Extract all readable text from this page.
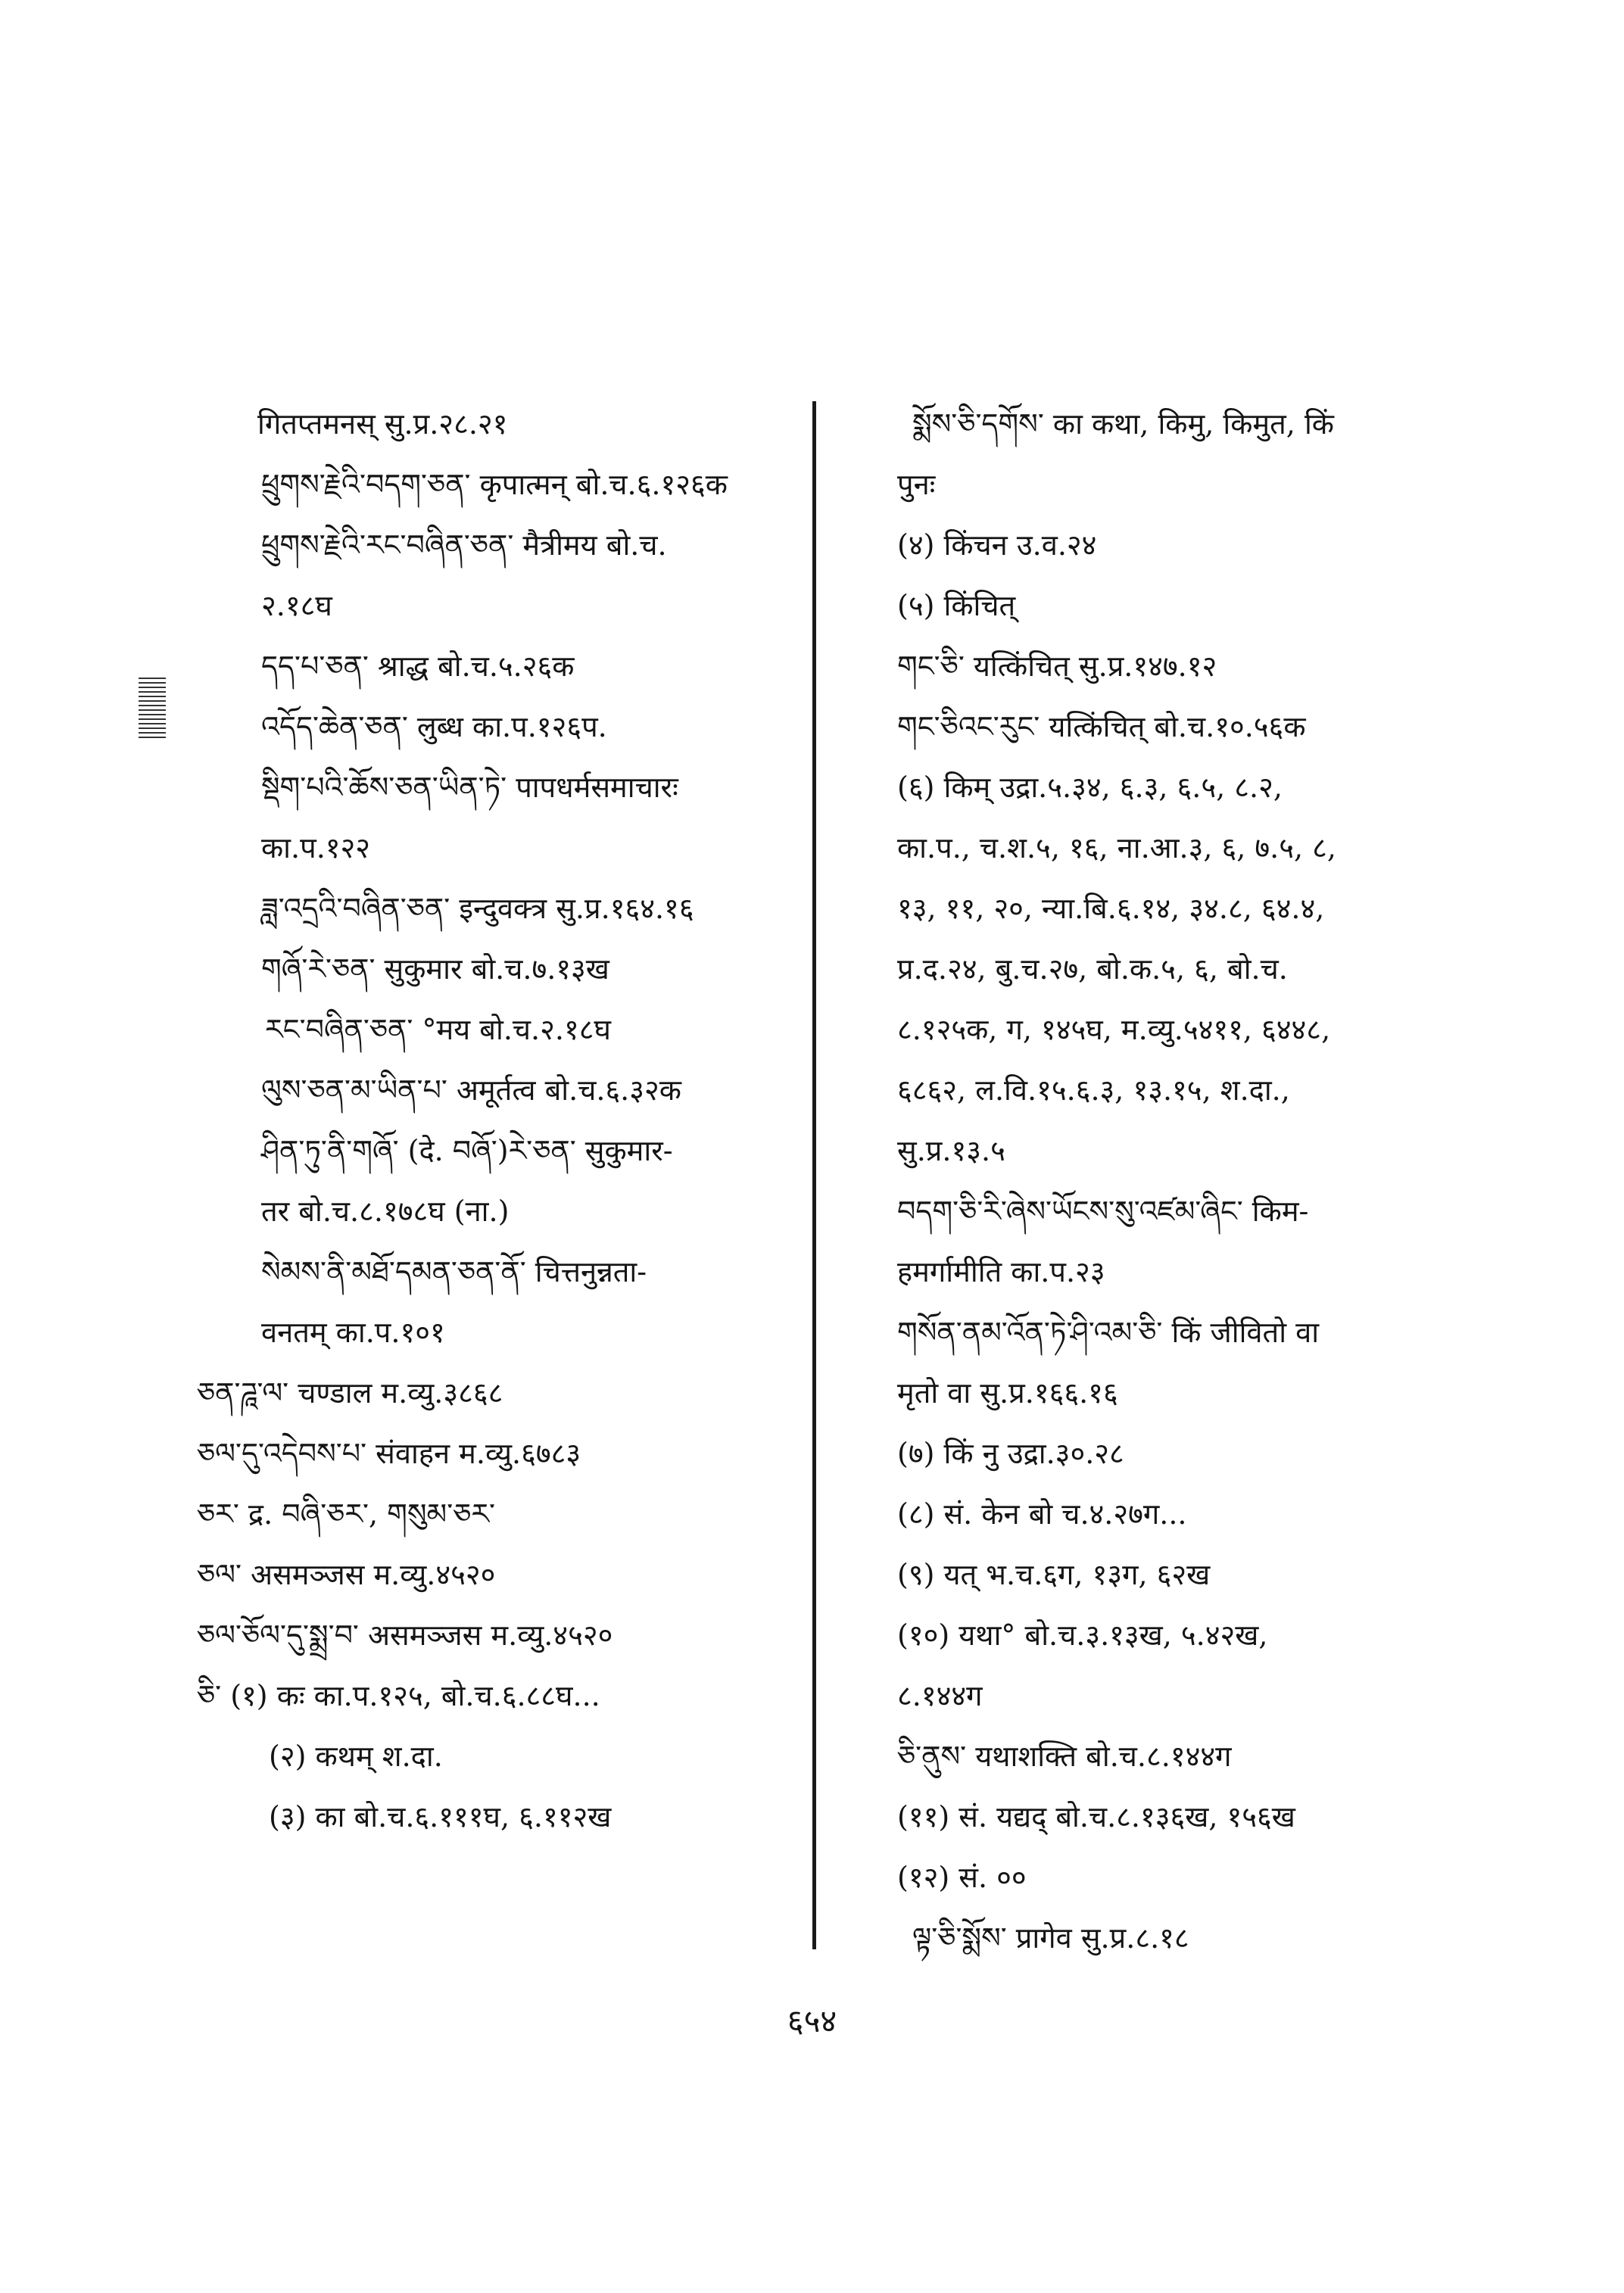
गितप्तमनस् सु.प्र.२८.२१
ཕྲུགས་རྗེའི་བདག་ཅན་ कृपात्मन् बो.च.६.१२६क
ཕྲུགས་རྗེའི་རང་བཞིན་ཅན་ मैत्रीमय बो.च.
२.१८घ
དད་པ་ཅན་ श्राद्ध बो.च.५.२६क
འདོད་ཆེན་ཅན་ लुब्ध का.प.१२६प.
སྡིག་པའི་ཆོས་ཅན་ཡིན་ཏེ་ पापधर्मसमाचारः
का.प.१२२
ཟླ་འདྲའི་བཞིན་ཅན་ इन्दुवक्त्र सु.प्र.१६४.१६
གཞོ་རེ་ཅན་ सुकुमार बो.च.७.१३ख
རང་བཞིན་ཅན་ °मय बो.च.२.१८घ
ལུས་ཅན་མ་ཡིན་པ་ अमूर्तत्व बो.च.६.३२क
ཤིན་ཏུ་ནི་གཞོ་ (दे. བཞོ་)རེ་ཅན་ सुकुमार-
तर बो.च.८.१७८घ (ना.)
སེམས་ནི་མཐོ་དམན་ཅན་ནོ་ चित्तनुन्नता-
वनतम् का.प.१०१
ཅན་ཌཱ་ལ་ चण्डाल म.व्यु.३८६८
ཅལ་དུ་འདེབས་པ་ संवाहन म.व्यु.६७८३
ཅར་ द्र. བཞི་ཅར་, གསུམ་ཅར་
ཅལ་ असमञ्जस म.व्यु.४५२०
ཅལ་ཅོལ་དུ་སྨྲ་བ་ असमञ्जस म.व्यु.४५२०
ཅི་ (१) कः का.प.१२५, बो.च.६.८८घ...
(२) कथम् श.दा.
(३) का बो.च.६.१११घ, ६.११२ख
སྨོས་ཅི་དགོས་ का कथा, किमु, किमुत, किं
पुनः
(४) किंचन उ.व.२४
(५) किंचित्
གང་ཅི་ यत्किंचित् सु.प्र.१४७.१२
གང་ཅིའང་རུང་ यत्किंचित् बो.च.१०.५६क
(६) किम् उद्रा.५.३४, ६.३, ६.५, ८.२,
का.प., च.श.५, १६, ना.आ.३, ६, ७.५, ८,
१३, ११, २०, न्या.बि.६.१४, ३४.८, ६४.४,
प्र.द.२४, बु.च.२७, बो.क.५, ६, बो.च.
८.१२५क, ग, १४५घ, म.व्यु.५४११, ६४४८,
६८६२, ल.वि.१५.६.३, १३.१५, श.दा.,
सु.प्र.१३.५
བདག་ཅི་རི་ཞེས་ཡོངས་སུ་འཛམ་ཞིང་ किम-
हमर्गामीति का.प.२३
གསོན་ནམ་འོན་ཏེ་ཤི་འམ་ཅི་ किं जीवितो वा
मृतो वा सु.प्र.१६६.१६
(७) किं नु उद्रा.३०.२८
(८) सं. केन बो च.४.२७ग...
(९) यत् भ.च.६ग, १३ग, ६२ख
(१०) यथा° बो.च.३.१३ख, ५.४२ख,
८.१४४ग
ཅི་ནུས་ यथाशक्ति बो.च.८.१४४ग
(११) सं. यद्यद् बो.च.८.१३६ख, १५६ख
(१२) सं. ००
ལྟ་ཅི་སྨོས་ प्रागेव सु.प्र.८.१८
६५४
